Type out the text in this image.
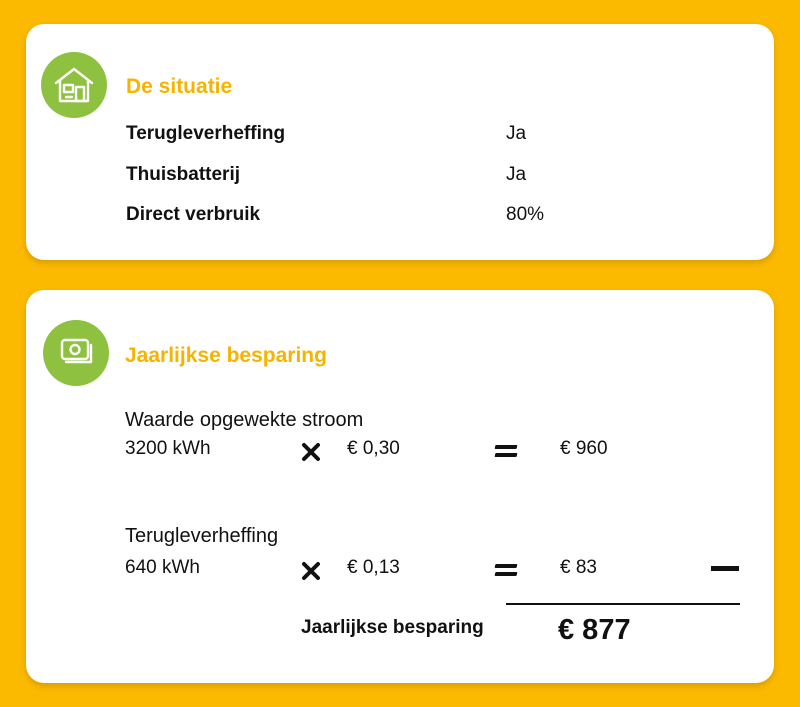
De situatie
Terugleverheffing	Ja
Thuisbatterij	Ja
Direct verbruik	80%
Jaarlijkse besparing
Waarde opgewekte stroom
3200 kWh	€ 0,30	€ 960
Terugleverheffing
640 kWh	€ 0,13	€ 83
Jaarlijkse besparing	€ 877
